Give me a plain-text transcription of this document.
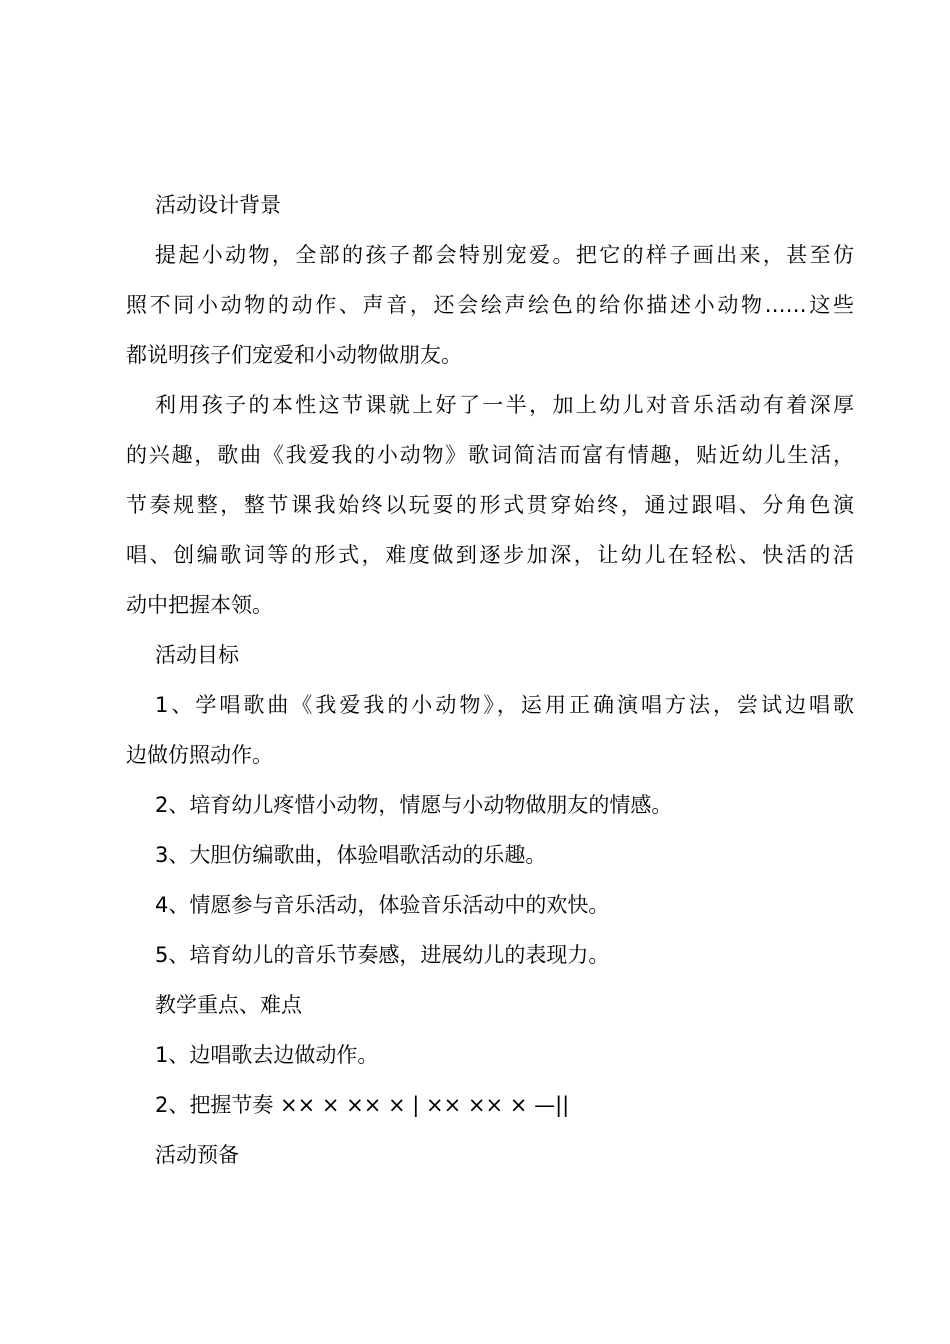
活动设计背景
提起小动物，全部的孩子都会特别宠爱。把它的样子画出来，甚至仿
照不同小动物的动作、声音，还会绘声绘色的给你描述小动物……这些
都说明孩子们宠爱和小动物做朋友。
利用孩子的本性这节课就上好了一半，加上幼儿对音乐活动有着深厚
的兴趣，歌曲《我爱我的小动物》歌词简洁而富有情趣，贴近幼儿生活，
节奏规整，整节课我始终以玩耍的形式贯穿始终，通过跟唱、分角色演
唱、创编歌词等的形式，难度做到逐步加深，让幼儿在轻松、快活的活
动中把握本领。
活动目标
1、学唱歌曲《我爱我的小动物》，运用正确演唱方法，尝试边唱歌
边做仿照动作。
2、培育幼儿疼惜小动物，情愿与小动物做朋友的情感。
3、大胆仿编歌曲，体验唱歌活动的乐趣。
4、情愿参与音乐活动，体验音乐活动中的欢快。
5、培育幼儿的音乐节奏感，进展幼儿的表现力。
教学重点、难点
1、边唱歌去边做动作。
2、把握节奏 ×× × ×× × | ×× ×× × —||
活动预备
